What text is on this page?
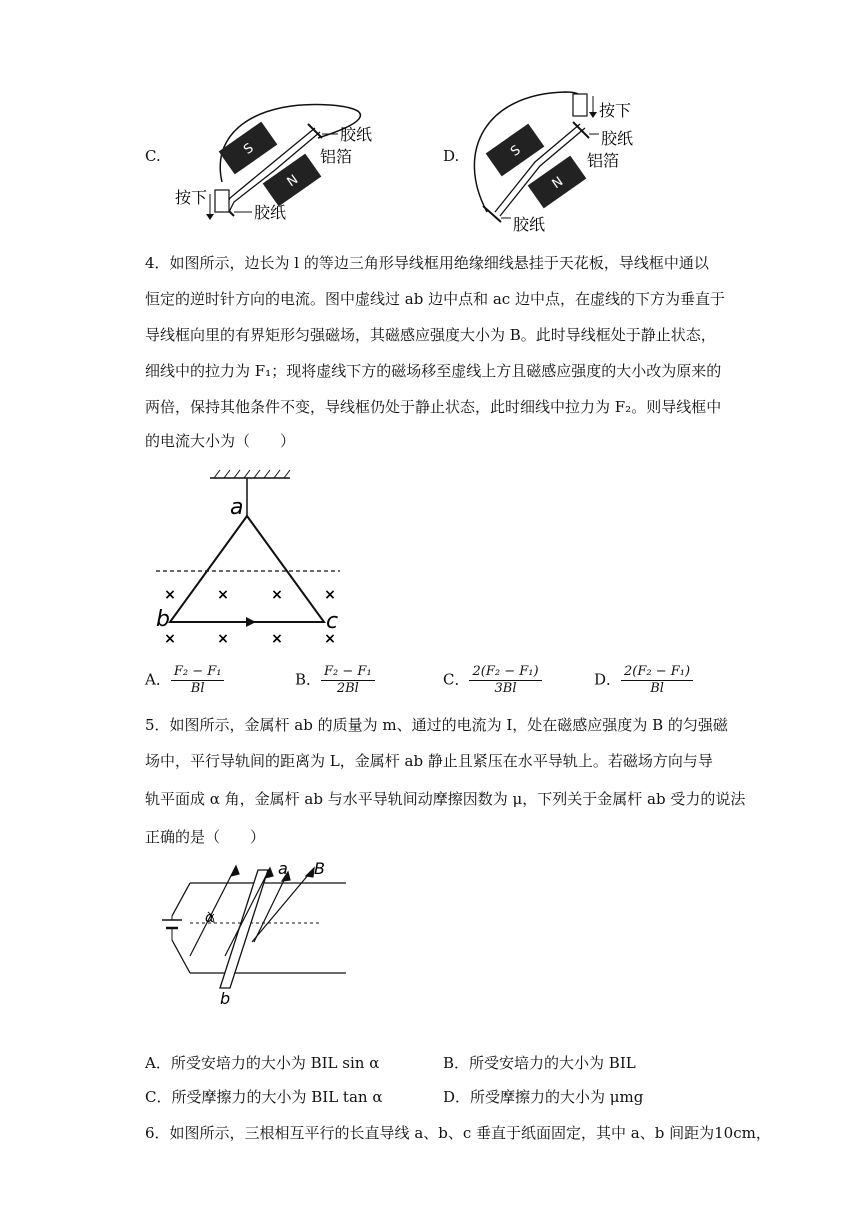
C.	S
N
胶纸
铝箔
按下
胶纸
D.
按下
S
N
胶纸
铝箔
胶纸
4．如图所示，边长为 l 的等边三角形导线框用绝缘细线悬挂于天花板，导线框中通以
恒定的逆时针方向的电流。图中虚线过 ab 边中点和 ac 边中点，在虚线的下方为垂直于
导线框向里的有界矩形匀强磁场，其磁感应强度大小为 B。此时导线框处于静止状态，
细线中的拉力为 F₁；现将虚线下方的磁场移至虚线上方且磁感应强度的大小改为原来的
两倍，保持其他条件不变，导线框仍处于静止状态，此时细线中拉力为 F₂。则导线框中
的电流大小为（　　）
a
b	c
×	×	×	×
×	×	×	×
A． $\frac{\text{F₂ − F₁}}{Bl}$	B． $\frac{\text{F₂ − F₁}}{2Bl}$	C． $\frac{\text{2(F₂ − F₁)}}{3Bl}$	D． $\frac{\text{2(F₂ − F₁)}}{Bl}$
5．如图所示，金属杆 ab 的质量为 m、通过的电流为 I，处在磁感应强度为 B 的匀强磁
场中，平行导轨间的距离为 L，金属杆 ab 静止且紧压在水平导轨上。若磁场方向与导
轨平面成 α 角，金属杆 ab 与水平导轨间动摩擦因数为 μ，下列关于金属杆 ab 受力的说法
正确的是（　　）
α
a B
b
A．所受安培力的大小为 BIL sin α	B．所受安培力的大小为 BIL
C．所受摩擦力的大小为 BIL tan α	D．所受摩擦力的大小为 μmg
6．如图所示，三根相互平行的长直导线 a、b、c 垂直于纸面固定，其中 a、b 间距为10cm，
